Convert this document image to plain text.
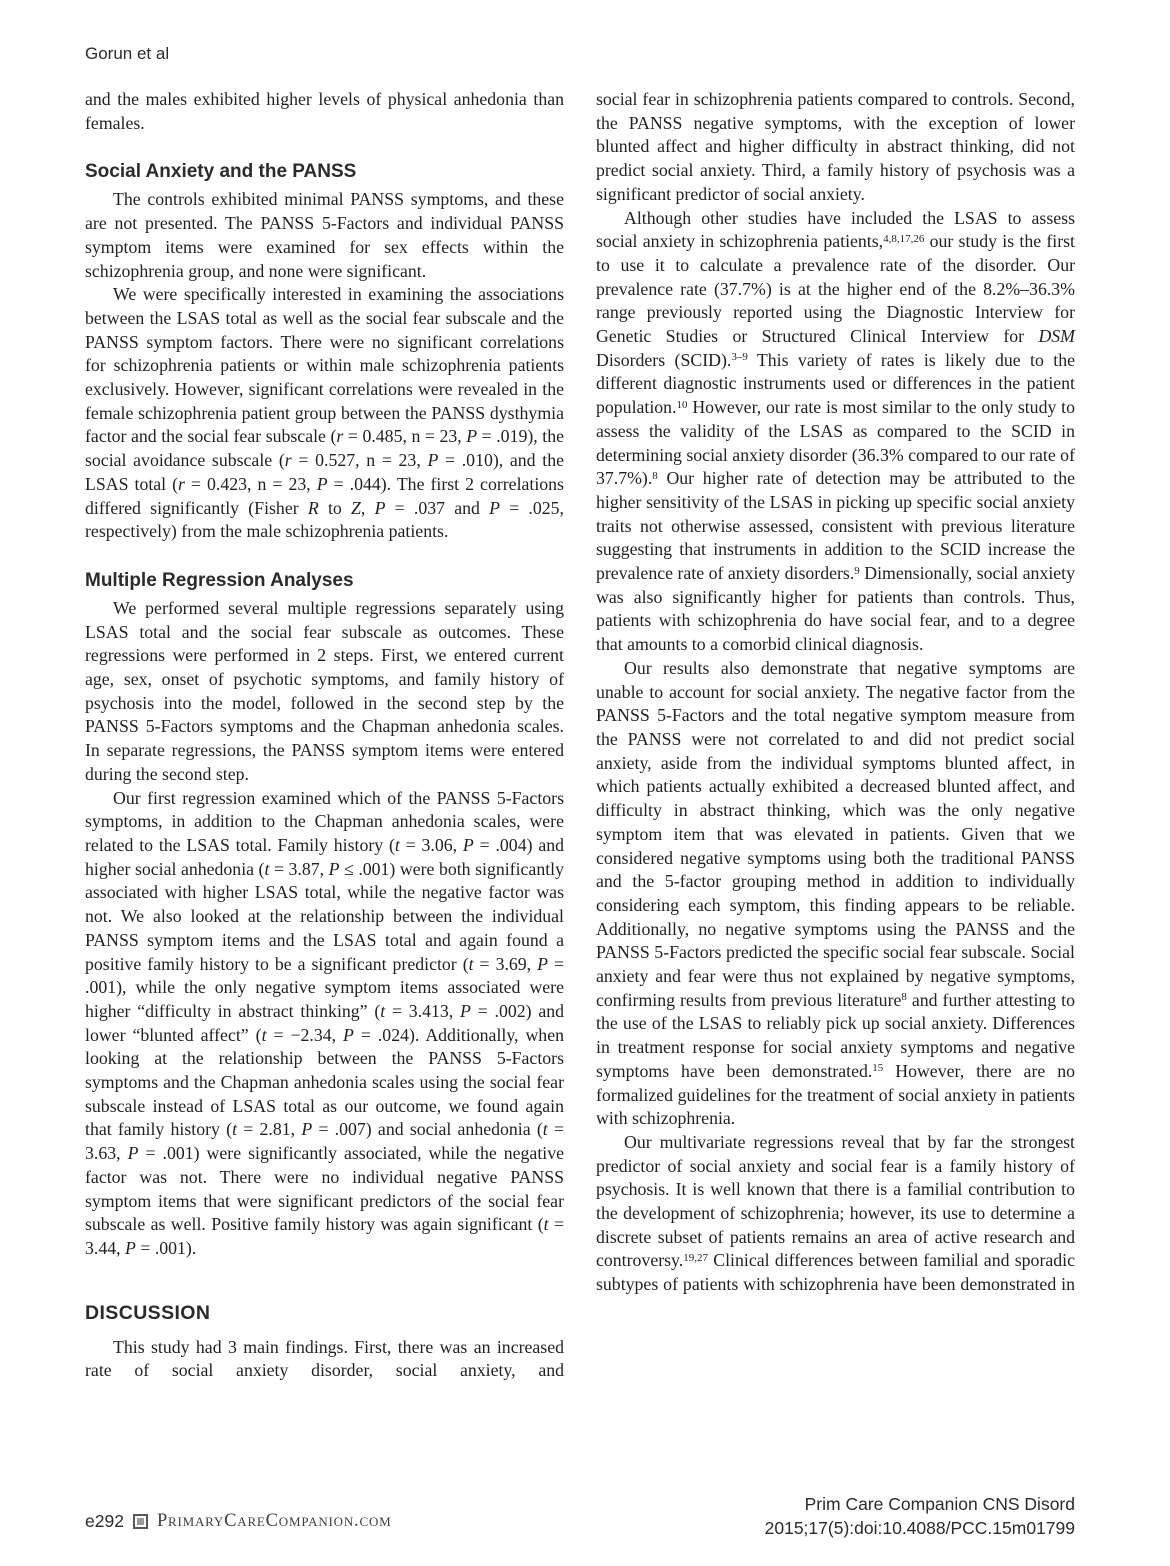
Gorun et al

and the males exhibited higher levels of physical anhedonia than females.

Social Anxiety and the PANSS

The controls exhibited minimal PANSS symptoms, and these are not presented. The PANSS 5-Factors and individual PANSS symptom items were examined for sex effects within the schizophrenia group, and none were significant.

We were specifically interested in examining the associations between the LSAS total as well as the social fear subscale and the PANSS symptom factors. There were no significant correlations for schizophrenia patients or within male schizophrenia patients exclusively. However, significant correlations were revealed in the female schizophrenia patient group between the PANSS dysthymia factor and the social fear subscale (r = 0.485, n = 23, P = .019), the social avoidance subscale (r = 0.527, n = 23, P = .010), and the LSAS total (r = 0.423, n = 23, P = .044). The first 2 correlations differed significantly (Fisher R to Z, P = .037 and P = .025, respectively) from the male schizophrenia patients.

Multiple Regression Analyses

We performed several multiple regressions separately using LSAS total and the social fear subscale as outcomes. These regressions were performed in 2 steps. First, we entered current age, sex, onset of psychotic symptoms, and family history of psychosis into the model, followed in the second step by the PANSS 5-Factors symptoms and the Chapman anhedonia scales. In separate regressions, the PANSS symptom items were entered during the second step.

Our first regression examined which of the PANSS 5-Factors symptoms, in addition to the Chapman anhedonia scales, were related to the LSAS total. Family history (t = 3.06, P = .004) and higher social anhedonia (t = 3.87, P ≤ .001) were both significantly associated with higher LSAS total, while the negative factor was not. We also looked at the relationship between the individual PANSS symptom items and the LSAS total and again found a positive family history to be a significant predictor (t = 3.69, P = .001), while the only negative symptom items associated were higher “difficulty in abstract thinking” (t = 3.413, P = .002) and lower “blunted affect” (t = −2.34, P = .024). Additionally, when looking at the relationship between the PANSS 5-Factors symptoms and the Chapman anhedonia scales using the social fear subscale instead of LSAS total as our outcome, we found again that family history (t = 2.81, P = .007) and social anhedonia (t = 3.63, P = .001) were significantly associated, while the negative factor was not. There were no individual negative PANSS symptom items that were significant predictors of the social fear subscale as well. Positive family history was again significant (t = 3.44, P = .001).

DISCUSSION

This study had 3 main findings. First, there was an increased rate of social anxiety disorder, social anxiety, and

social fear in schizophrenia patients compared to controls. Second, the PANSS negative symptoms, with the exception of lower blunted affect and higher difficulty in abstract thinking, did not predict social anxiety. Third, a family history of psychosis was a significant predictor of social anxiety.

Although other studies have included the LSAS to assess social anxiety in schizophrenia patients,$^{4,8,17,26}$ our study is the first to use it to calculate a prevalence rate of the disorder. Our prevalence rate (37.7%) is at the higher end of the 8.2%–36.3% range previously reported using the Diagnostic Interview for Genetic Studies or Structured Clinical Interview for DSM Disorders (SCID).$^{3-9}$ This variety of rates is likely due to the different diagnostic instruments used or differences in the patient population.$^{10}$ However, our rate is most similar to the only study to assess the validity of the LSAS as compared to the SCID in determining social anxiety disorder (36.3% compared to our rate of 37.7%).$^8$ Our higher rate of detection may be attributed to the higher sensitivity of the LSAS in picking up specific social anxiety traits not otherwise assessed, consistent with previous literature suggesting that instruments in addition to the SCID increase the prevalence rate of anxiety disorders.$^9$ Dimensionally, social anxiety was also significantly higher for patients than controls. Thus, patients with schizophrenia do have social fear, and to a degree that amounts to a comorbid clinical diagnosis.

Our results also demonstrate that negative symptoms are unable to account for social anxiety. The negative factor from the PANSS 5-Factors and the total negative symptom measure from the PANSS were not correlated to and did not predict social anxiety, aside from the individual symptoms blunted affect, in which patients actually exhibited a decreased blunted affect, and difficulty in abstract thinking, which was the only negative symptom item that was elevated in patients. Given that we considered negative symptoms using both the traditional PANSS and the 5-factor grouping method in addition to individually considering each symptom, this finding appears to be reliable. Additionally, no negative symptoms using the PANSS and the PANSS 5-Factors predicted the specific social fear subscale. Social anxiety and fear were thus not explained by negative symptoms, confirming results from previous literature$^8$ and further attesting to the use of the LSAS to reliably pick up social anxiety. Differences in treatment response for social anxiety symptoms and negative symptoms have been demonstrated.$^{15}$ However, there are no formalized guidelines for the treatment of social anxiety in patients with schizophrenia.

Our multivariate regressions reveal that by far the strongest predictor of social anxiety and social fear is a family history of psychosis. It is well known that there is a familial contribution to the development of schizophrenia; however, its use to determine a discrete subset of patients remains an area of active research and controversy.$^{19,27}$ Clinical differences between familial and sporadic subtypes of patients with schizophrenia have been demonstrated in

e292 PrimaryCareCompanion.com
Prim Care Companion CNS Disord
2015;17(5):doi:10.4088/PCC.15m01799
